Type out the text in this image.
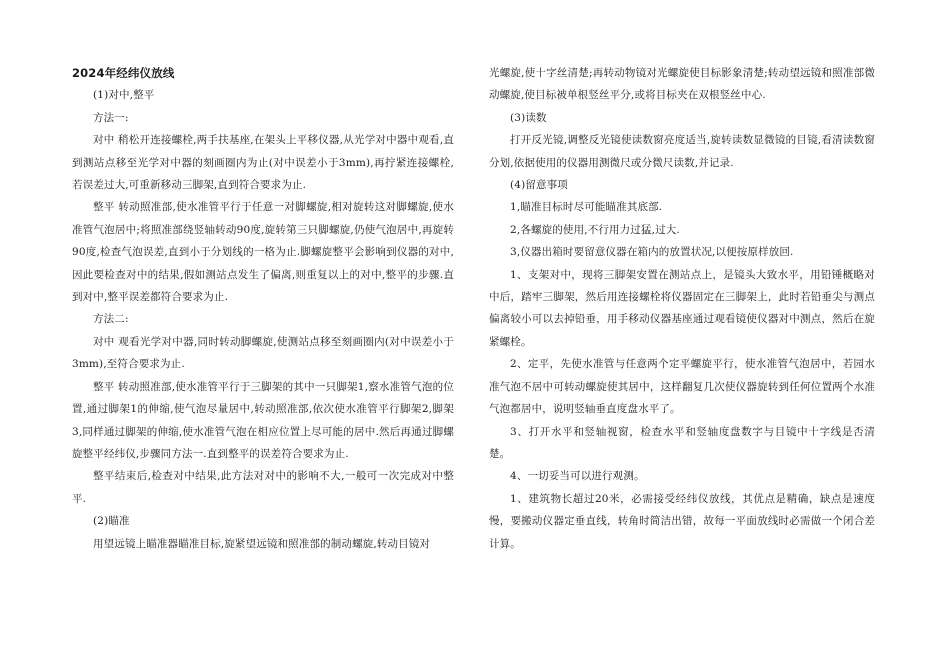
2024年经纬仪放线

(1)对中,整平

方法一:

对中 稍松开连接螺栓,两手扶基座,在架头上平移仪器,从光学对中器中观看,直到测站点移至光学对中器的刻画圈内为止(对中误差小于3mm),再拧紧连接螺栓,若误差过大,可重新移动三脚架,直到符合要求为止.

整平 转动照准部,使水准管平行于任意一对脚螺旋,相对旋转这对脚螺旋,使水准管气泡居中;将照准部绕竖轴转动90度,旋转第三只脚螺旋,仍使气泡居中,再旋转90度,检查气泡误差,直到小于分划线的一格为止.脚螺旋整平会影响到仪器的对中,因此要检查对中的结果,假如测站点发生了偏离,则重复以上的对中,整平的步骤.直到对中,整平误差都符合要求为止.

方法二:

对中 观看光学对中器,同时转动脚螺旋,使测站点移至刻画圈内(对中误差小于3mm),至符合要求为止.

整平 转动照准部,使水准管平行于三脚架的其中一只脚架1,察水准管气泡的位置,通过脚架1的伸缩,使气泡尽量居中,转动照准部,依次使水准管平行脚架2,脚架3,同样通过脚架的伸缩,使水准管气泡在相应位置上尽可能的居中.然后再通过脚螺旋整平经纬仪,步骤同方法一.直到整平的误差符合要求为止.

整平结束后,检查对中结果,此方法对对中的影响不大,一般可一次完成对中整平.

(2)瞄准

用望远镜上瞄准器瞄准目标,旋紧望远镜和照准部的制动螺旋,转动目镜对

光螺旋,使十字丝清楚;再转动物镜对光螺旋使目标影象清楚;转动望远镜和照准部微动螺旋,使目标被单根竖丝平分,或将目标夹在双根竖丝中心.

(3)读数

打开反光镜,调整反光镜使读数窗亮度适当,旋转读数显微镜的目镜,看清读数窗分划,依据使用的仪器用测微尺或分微尺读数,并记录.

(4)留意事项

1,瞄准目标时尽可能瞄准其底部.

2,各螺旋的使用,不行用力过猛,过大.

3,仪器出箱时要留意仪器在箱内的放置状况,以便按原样放回.

1、支架对中，现将三脚架安置在测站点上，是镜头大致水平，用铅锤概略对中后，踏牢三脚架，然后用连接螺栓将仪器固定在三脚架上，此时若铅垂尖与测点偏离较小可以去掉铅垂，用手移动仪器基座通过观看镜使仪器对中测点，然后在旋紧螺栓。

2、定平，先使水准管与任意两个定平螺旋平行，使水准管气泡居中，若园水准气泡不居中可转动螺旋使其居中，这样翻复几次使仪器旋转到任何位置两个水准气泡都居中，说明竖轴垂直度盘水平了。

3、打开水平和竖轴视窗，检查水平和竖轴度盘数字与目镜中十字线是否清楚。

4、一切妥当可以进行观测。

1、建筑物长超过20米，必需接受经纬仪放线，其优点是精确，缺点是速度慢，要搬动仪器定垂直线，转角时简洁出错，故每一平面放线时必需做一个闭合差计算。
